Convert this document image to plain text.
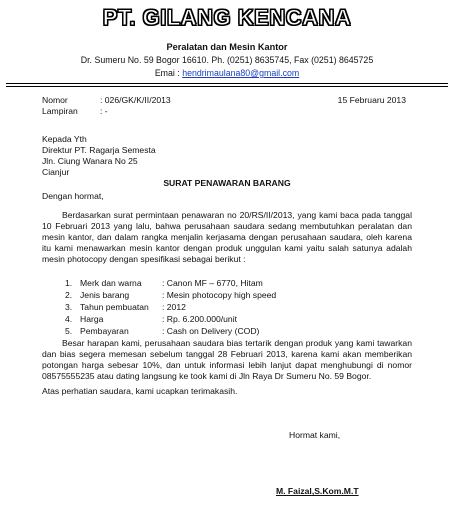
PT. GILANG KENCANA
Peralatan dan Mesin Kantor
Dr. Sumeru No. 59 Bogor 16610. Ph. (0251) 8635745, Fax (0251) 8645725
Emai : hendrimaulana80@gmail.com
Nomor	: 026/GK/K/II/2013	15 Februaru 2013
Lampiran	: -
Kepada Yth
Direktur PT. Ragarja Semesta
Jln. Ciung Wanara No 25
Cianjur
SURAT PENAWARAN BARANG
Dengan hormat,
Berdasarkan surat permintaan penawaran no 20/RS/II/2013, yang kami baca pada tanggal 10 Februari 2013 yang lalu, bahwa perusahaan saudara sedang membutuhkan peralatan dan mesin kantor, dan dalam rangka menjalin kerjasama dengan perusahaan saudara, oleh karena itu kami menawarkan mesin kantor dengan produk unggulan kami yaitu salah satunya adalah mesin photocopy dengan spesifikasi sebagai berikut :
1. Merk dan warna : Canon MF – 6770, Hitam
2. Jenis barang	: Mesin photocopy high speed
3. Tahun pembuatan : 2012
4. Harga	: Rp. 6.200.000/unit
5. Pembayaran	: Cash on Delivery (COD)
Besar harapan kami, perusahaan saudara bias tertarik dengan produk yang kami tawarkan dan bias segera memesan sebelum tanggal 28 Februari 2013, karena kami akan memberikan potongan harga sebesar 10%, dan untuk informasi lebih lanjut dapat menghubungi di nomor 08575555235 atau dating langsung ke took kami di Jln Raya Dr Sumeru No. 59 Bogor.
Atas perhatian saudara, kami ucapkan terimakasih.
Hormat kami,
M. Faizal,S.Kom.M.T
